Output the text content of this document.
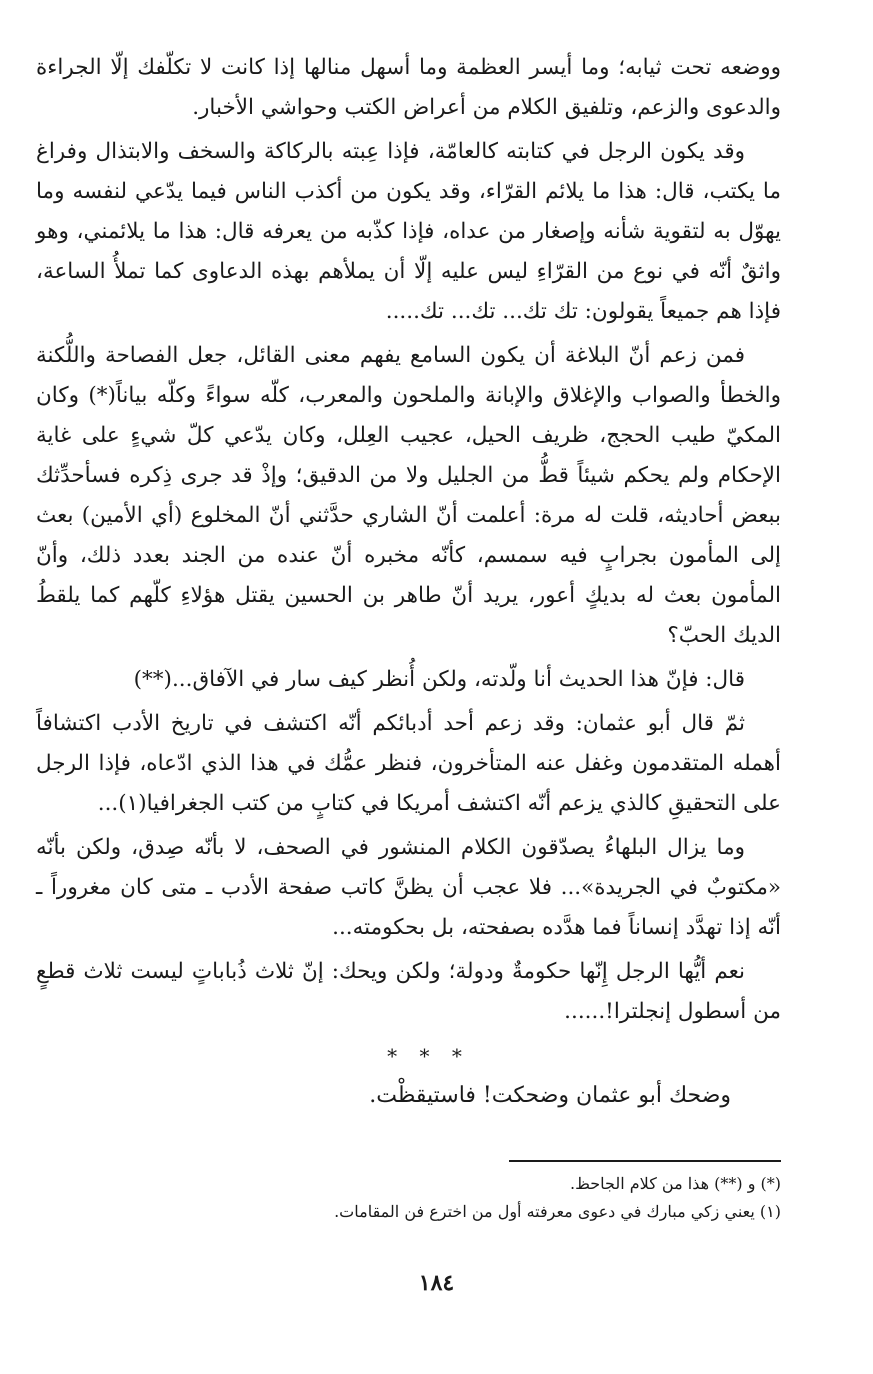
ووضعه تحت ثيابه؛ وما أيسر العظمة وما أسهل منالها إذا كانت لا تكلّفك إلّا الجراءة والدعوى والزعم، وتلفيق الكلام من أعراض الكتب وحواشي الأخبار.

وقد يكون الرجل في كتابته كالعامّة، فإذا عِبته بالركاكة والسخف والابتذال وفراغ ما يكتب، قال: هذا ما يلائم القرّاء، وقد يكون من أكذب الناس فيما يدّعي لنفسه وما يهوّل به لتقوية شأنه وإصغار من عداه، فإذا كذّبه من يعرفه قال: هذا ما يلائمني، وهو واثقٌ أنّه في نوع من القرّاءِ ليس عليه إلّا أن يملأهم بهذه الدعاوى كما تملأُ الساعة، فإذا هم جميعاً يقولون: تك تك... تك... تك.....

فمن زعم أنّ البلاغة أن يكون السامع يفهم معنى القائل، جعل الفصاحة واللُّكنة والخطأ والصواب والإغلاق والإبانة والملحون والمعرب، كلّه سواءً وكلّه بياناً(*) وكان المكيّ طيب الحجج، ظريف الحيل، عجيب العِلل، وكان يدّعي كلّ شيءٍ على غاية الإحكام ولم يحكم شيئاً قطُّ من الجليل ولا من الدقيق؛ وإذْ قد جرى ذِكره فسأحدِّثك ببعض أحاديثه، قلت له مرة: أعلمت أنّ الشاري حدَّثني أنّ المخلوع (أي الأمين) بعث إلى المأمون بجرابٍ فيه سمسم، كأنّه مخبره أنّ عنده من الجند بعدد ذلك، وأنّ المأمون بعث له بديكٍ أعور، يريد أنّ طاهر بن الحسين يقتل هؤلاءِ كلّهم كما يلقطُ الديك الحبّ؟

قال: فإنّ هذا الحديث أنا ولّدته، ولكن أُنظر كيف سار في الآفاق...(**)

ثمّ قال أبو عثمان: وقد زعم أحد أدبائكم أنّه اكتشف في تاريخ الأدب اكتشافاً أهمله المتقدمون وغفل عنه المتأخرون، فنظر عمُّك في هذا الذي ادّعاه، فإذا الرجل على التحقيقِ كالذي يزعم أنّه اكتشف أمريكا في كتابٍ من كتب الجغرافيا(١)...

وما يزال البلهاءُ يصدّقون الكلام المنشور في الصحف، لا بأنّه صِدق، ولكن بأنّه «مكتوبٌ في الجريدة»... فلا عجب أن يظنَّ كاتب صفحة الأدب ـ متى كان مغروراً ـ أنّه إذا تهدَّد إنساناً فما هدَّده بصفحته، بل بحكومته...

نعم أيُّها الرجل إِنّها حكومةٌ ودولة؛ ولكن ويحك: إنّ ثلاث ذُباباتٍ ليست ثلاث قطعٍ من أسطول إنجلترا!......

* * *

وضحك أبو عثمان وضحكت! فاستيقظْت.

(*) و (**) هذا من كلام الجاحظ.

(١) يعني زكي مبارك في دعوى معرفته أول من اخترع فن المقامات.

١٨٤
